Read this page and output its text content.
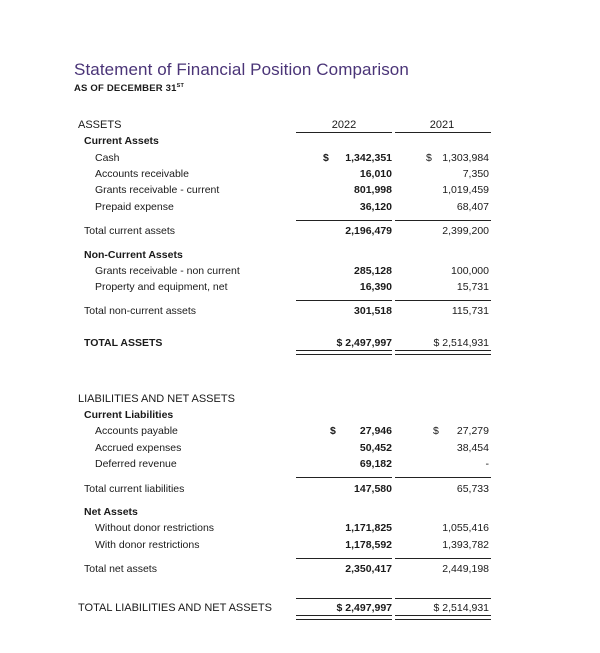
Statement of Financial Position Comparison
AS OF DECEMBER 31ST
ASSETS	2022	2021
Current Assets
Cash	$	1,342,351	$ 1,303,984
Accounts receivable	16,010	7,350
Grants receivable - current	801,998	1,019,459
Prepaid expense	36,120	68,407
Total current assets	2,196,479	2,399,200
Non-Current Assets
Grants receivable - non current	285,128	100,000
Property and equipment, net	16,390	15,731
Total non-current assets	301,518	115,731
TOTAL ASSETS	$ 2,497,997	$ 2,514,931
LIABILITIES AND NET ASSETS
Current Liabilities
Accounts payable	$	27,946	$	27,279
Accrued expenses	50,452	38,454
Deferred revenue	69,182	-
Total current liabilities	147,580	65,733
Net Assets
Without donor restrictions	1,171,825	1,055,416
With donor restrictions	1,178,592	1,393,782
Total net assets	2,350,417	2,449,198
TOTAL LIABILITIES AND NET ASSETS	$ 2,497,997	$ 2,514,931
